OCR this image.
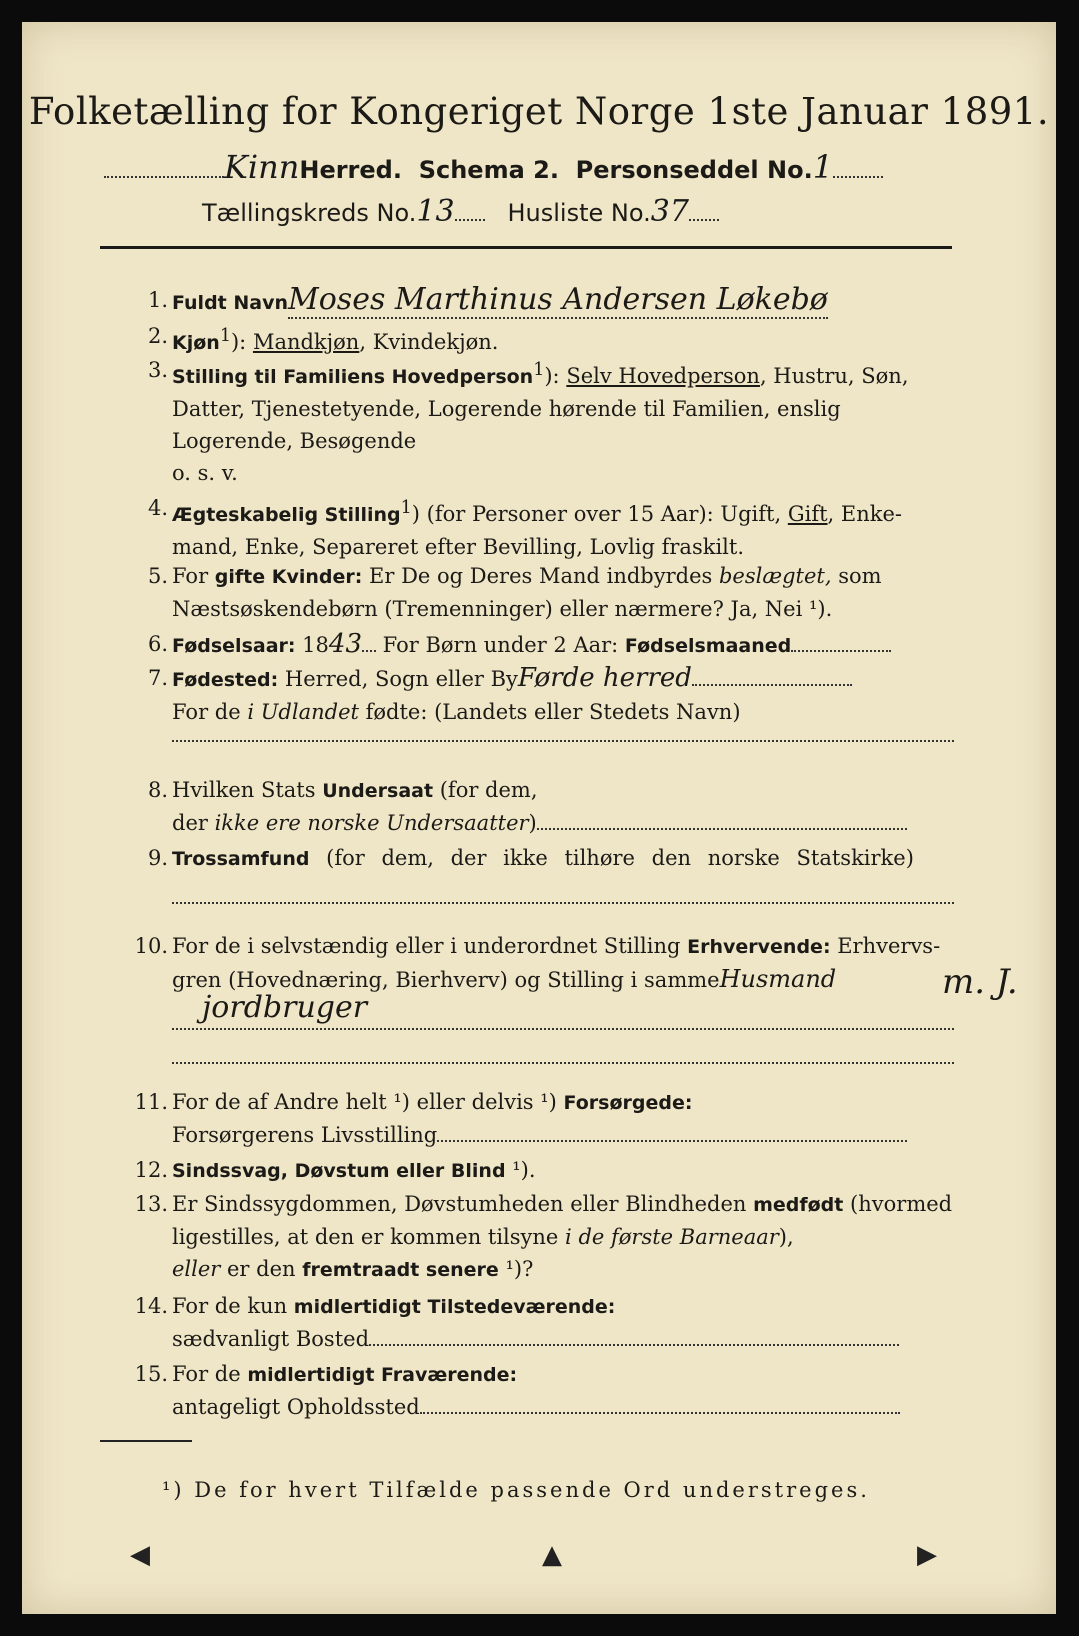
Folketælling for Kongeriget Norge 1ste Januar 1891.
KinnHerred. Schema 2. Personseddel No.1
Tællingskreds No.13 Husliste No.37
1. Fuldt NavnMoses Marthinus Andersen Løkebø
2. Kjøn$^1$): Mandkjøn, Kvindekjøn.
3. Stilling til Familiens Hovedperson$^1$): Selv Hovedperson, Hustru, Søn,
Datter, Tjenestetyende, Logerende hørende til Familien, enslig
Logerende, Besøgende
o. s. v.
4. Ægteskabelig Stilling$^1$) (for Personer over 15 Aar): Ugift, Gift, Enke-
mand, Enke, Separeret efter Bevilling, Lovlig fraskilt.
5. For gifte Kvinder: Er De og Deres Mand indbyrdes beslægtet, som
Næstsøskendebørn (Tremenninger) eller nærmere? Ja, Nei ¹).
6. Fødselsaar: 1843 For Børn under 2 Aar: Fødselsmaaned
7. Fødested: Herred, Sogn eller ByFørde herred
For de i Udlandet fødte: (Landets eller Stedets Navn)
8. Hvilken Stats Undersaat (for dem,
der ikke ere norske Undersaatter)
9. Trossamfund (for dem, der ikke tilhøre den norske Statskirke)
10. For de i selvstændig eller i underordnet Stilling Erhvervende: Erhvervs-
gren (Hovednæring, Bierhverv) og Stilling i sammeHusmand	m. J.
jordbruger
11. For de af Andre helt ¹) eller delvis ¹) Forsørgede:
Forsørgerens Livsstilling
12. Sindssvag, Døvstum eller Blind ¹).
13. Er Sindssygdommen, Døvstumheden eller Blindheden medfødt (hvormed
ligestilles, at den er kommen tilsyne i de første Barneaar),
eller er den fremtraadt senere ¹)?
14. For de kun midlertidigt Tilstedeværende:
sædvanligt Bosted
15. For de midlertidigt Fraværende:
antageligt Opholdssted
¹) De for hvert Tilfælde passende Ord understreges.
◀	▲	▶
